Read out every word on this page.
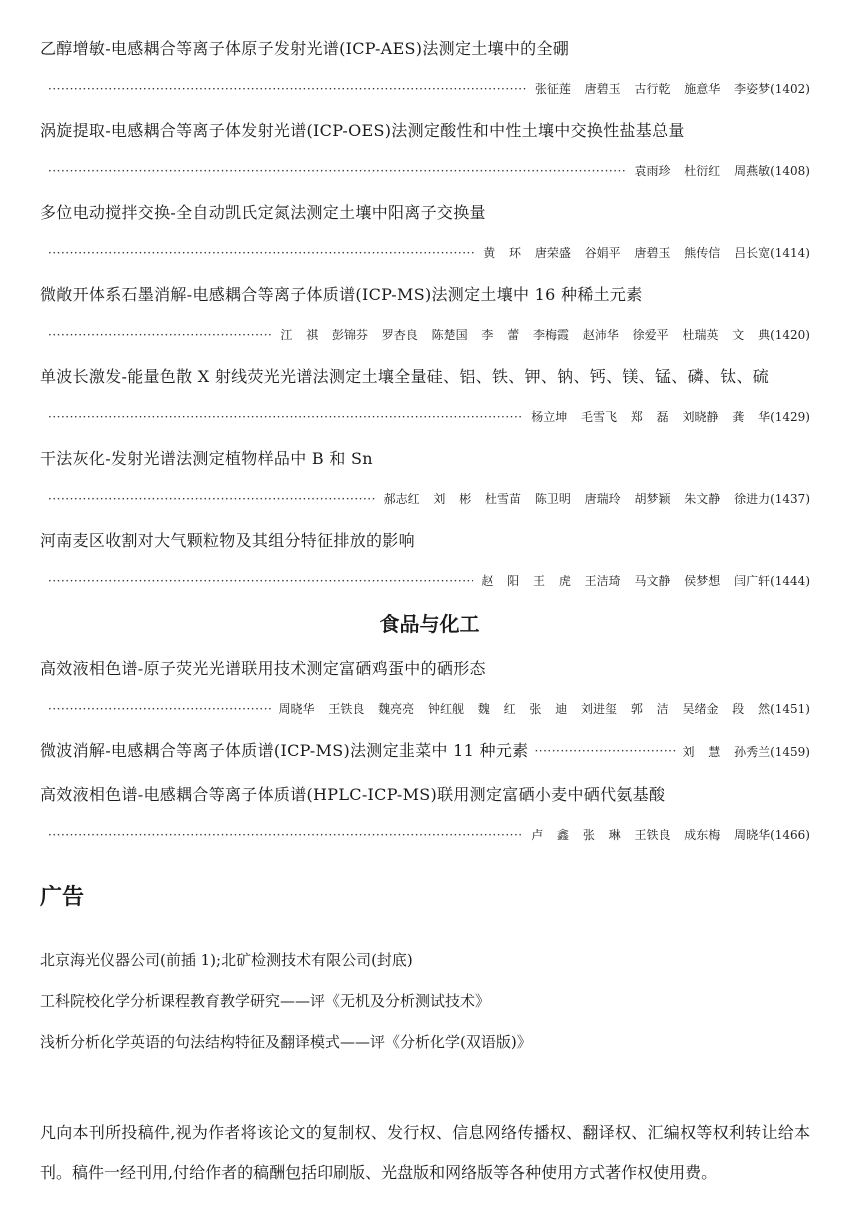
乙醇增敏-电感耦合等离子体原子发射光谱(ICP-AES)法测定土壤中的全硼
·····
张征莲 唐碧玉 古行乾 施意华 李姿梦(1402)
涡旋提取-电感耦合等离子体发射光谱(ICP-OES)法测定酸性和中性土壤中交换性盐基总量
·····
袁雨珍 杜衍红 周燕敏(1408)
多位电动搅拌交换-全自动凯氏定氮法测定土壤中阳离子交换量
·····
黄 环 唐荣盛 谷娟平 唐碧玉 熊传信 吕长宽(1414)
微敞开体系石墨消解-电感耦合等离子体质谱(ICP-MS)法测定土壤中 16 种稀土元素
·····
江 祺 彭锦芬 罗杏良 陈楚国 李 蕾 李梅霞 赵沛华 徐爱平 杜瑞英 文 典(1420)
单波长激发-能量色散 X 射线荧光光谱法测定土壤全量硅、铝、铁、钾、钠、钙、镁、锰、磷、钛、硫
·····
杨立坤 毛雪飞 郑 磊 刘晓静 龚 华(1429)
干法灰化-发射光谱法测定植物样品中 B 和 Sn
·····
郝志红 刘 彬 杜雪苗 陈卫明 唐瑞玲 胡梦颖 朱文静 徐进力(1437)
河南麦区收割对大气颗粒物及其组分特征排放的影响
·····
赵 阳 王 虎 王洁琦 马文静 侯梦想 闫广轩(1444)
食品与化工
高效液相色谱-原子荧光光谱联用技术测定富硒鸡蛋中的硒形态
·····
周晓华 王铁良 魏亮亮 钟红舰 魏 红 张 迪 刘进玺 郭 洁 吴绪金 段 然(1451)
微波消解-电感耦合等离子体质谱(ICP-MS)法测定韭菜中 11 种元素
·····	刘 慧 孙秀兰(1459)
高效液相色谱-电感耦合等离子体质谱(HPLC-ICP-MS)联用测定富硒小麦中硒代氨基酸
·····
卢 鑫 张 琳 王铁良 成东梅 周晓华(1466)
广告
北京海光仪器公司(前插 1);北矿检测技术有限公司(封底)
工科院校化学分析课程教育教学研究——评《无机及分析测试技术》
浅析分析化学英语的句法结构特征及翻译模式——评《分析化学(双语版)》
凡向本刊所投稿件,视为作者将该论文的复制权、发行权、信息网络传播权、翻译权、汇编权等权利转让给本刊。稿件一经刊用,付给作者的稿酬包括印刷版、光盘版和网络版等各种使用方式著作权使用费。
